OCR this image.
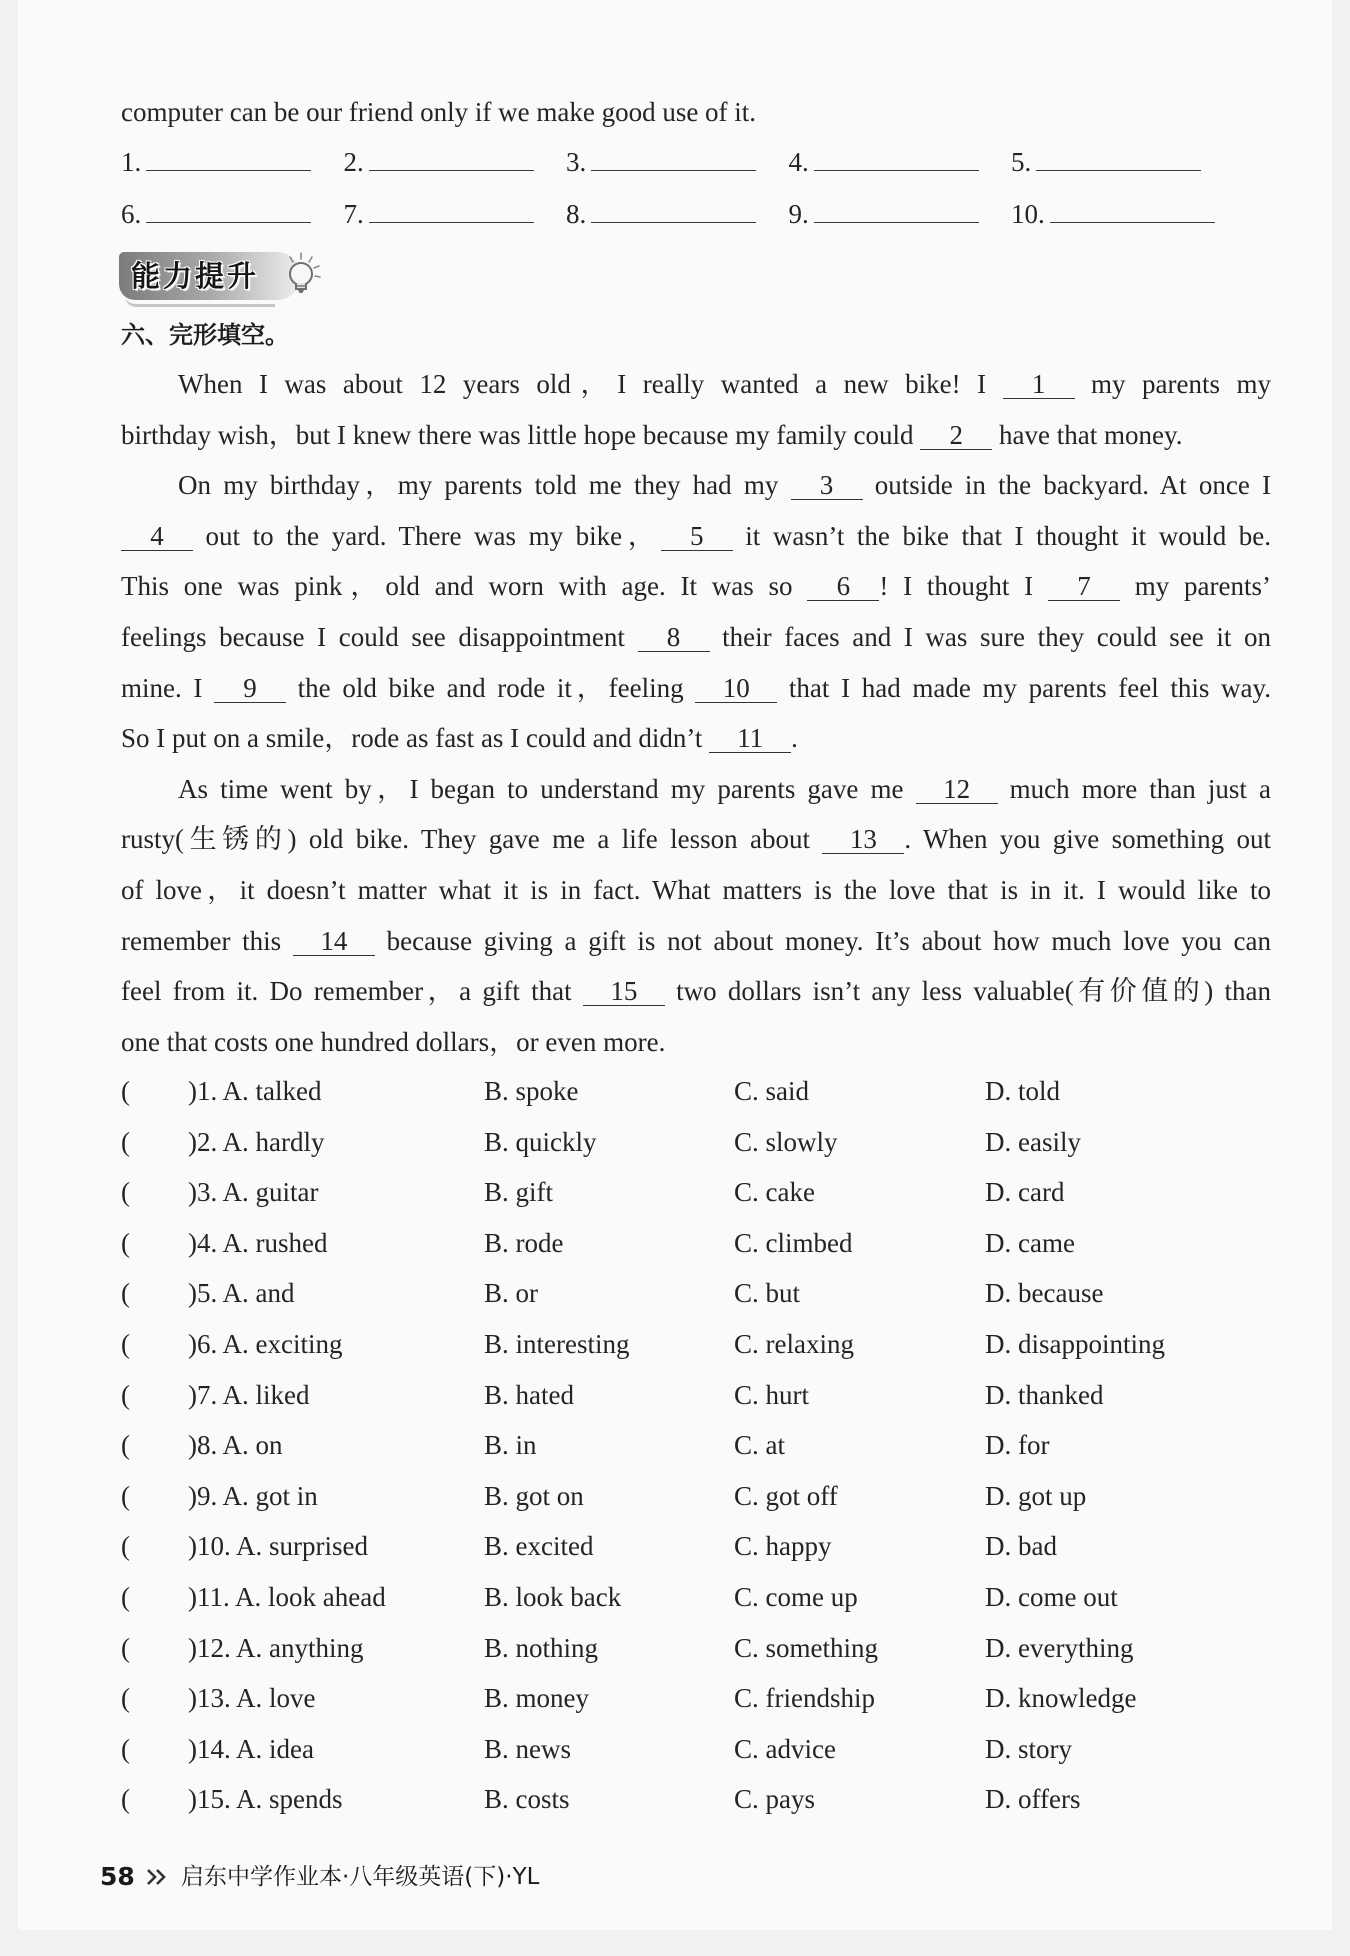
computer can be our friend only if we make good use of it.
1.	2.	3.	4.	5.
6.	7.	8.	9.	10.
能力提升
六、完形填空。
When I was about 12 years old，I really wanted a new bike! I 1 my parents my
birthday wish，but I knew there was little hope because my family could 2 have that money.
On my birthday，my parents told me they had my 3 outside in the backyard. At once I
4 out to the yard. There was my bike， 5 it wasn’t the bike that I thought it would be.
This one was pink，old and worn with age. It was so 6 ! I thought I 7 my parents’
feelings because I could see disappointment 8 their faces and I was sure they could see it on
mine. I 9 the old bike and rode it，feeling 10 that I had made my parents feel this way.
So I put on a smile，rode as fast as I could and didn’t 11 .
As time went by，I began to understand my parents gave me 12 much more than just a
rusty(生锈的) old bike. They gave me a life lesson about 13 . When you give something out
of love，it doesn’t matter what it is in fact. What matters is the love that is in it. I would like to
remember this 14 because giving a gift is not about money. It’s about how much love you can
feel from it. Do remember，a gift that 15 two dollars isn’t any less valuable(有价值的) than
one that costs one hundred dollars，or even more.
( )1. A. talked	B. spoke	C. said	D. told
( )2. A. hardly	B. quickly	C. slowly	D. easily
( )3. A. guitar	B. gift	C. cake	D. card
( )4. A. rushed	B. rode	C. climbed	D. came
( )5. A. and	B. or	C. but	D. because
( )6. A. exciting	B. interesting	C. relaxing	D. disappointing
( )7. A. liked	B. hated	C. hurt	D. thanked
( )8. A. on	B. in	C. at	D. for
( )9. A. got in	B. got on	C. got off	D. got up
( )10. A. surprised	B. excited	C. happy	D. bad
( )11. A. look ahead	B. look back	C. come up	D. come out
( )12. A. anything	B. nothing	C. something	D. everything
( )13. A. love	B. money	C. friendship	D. knowledge
( )14. A. idea	B. news	C. advice	D. story
( )15. A. spends	B. costs	C. pays	D. offers
58 启东中学作业本·八年级英语(下)·YL
